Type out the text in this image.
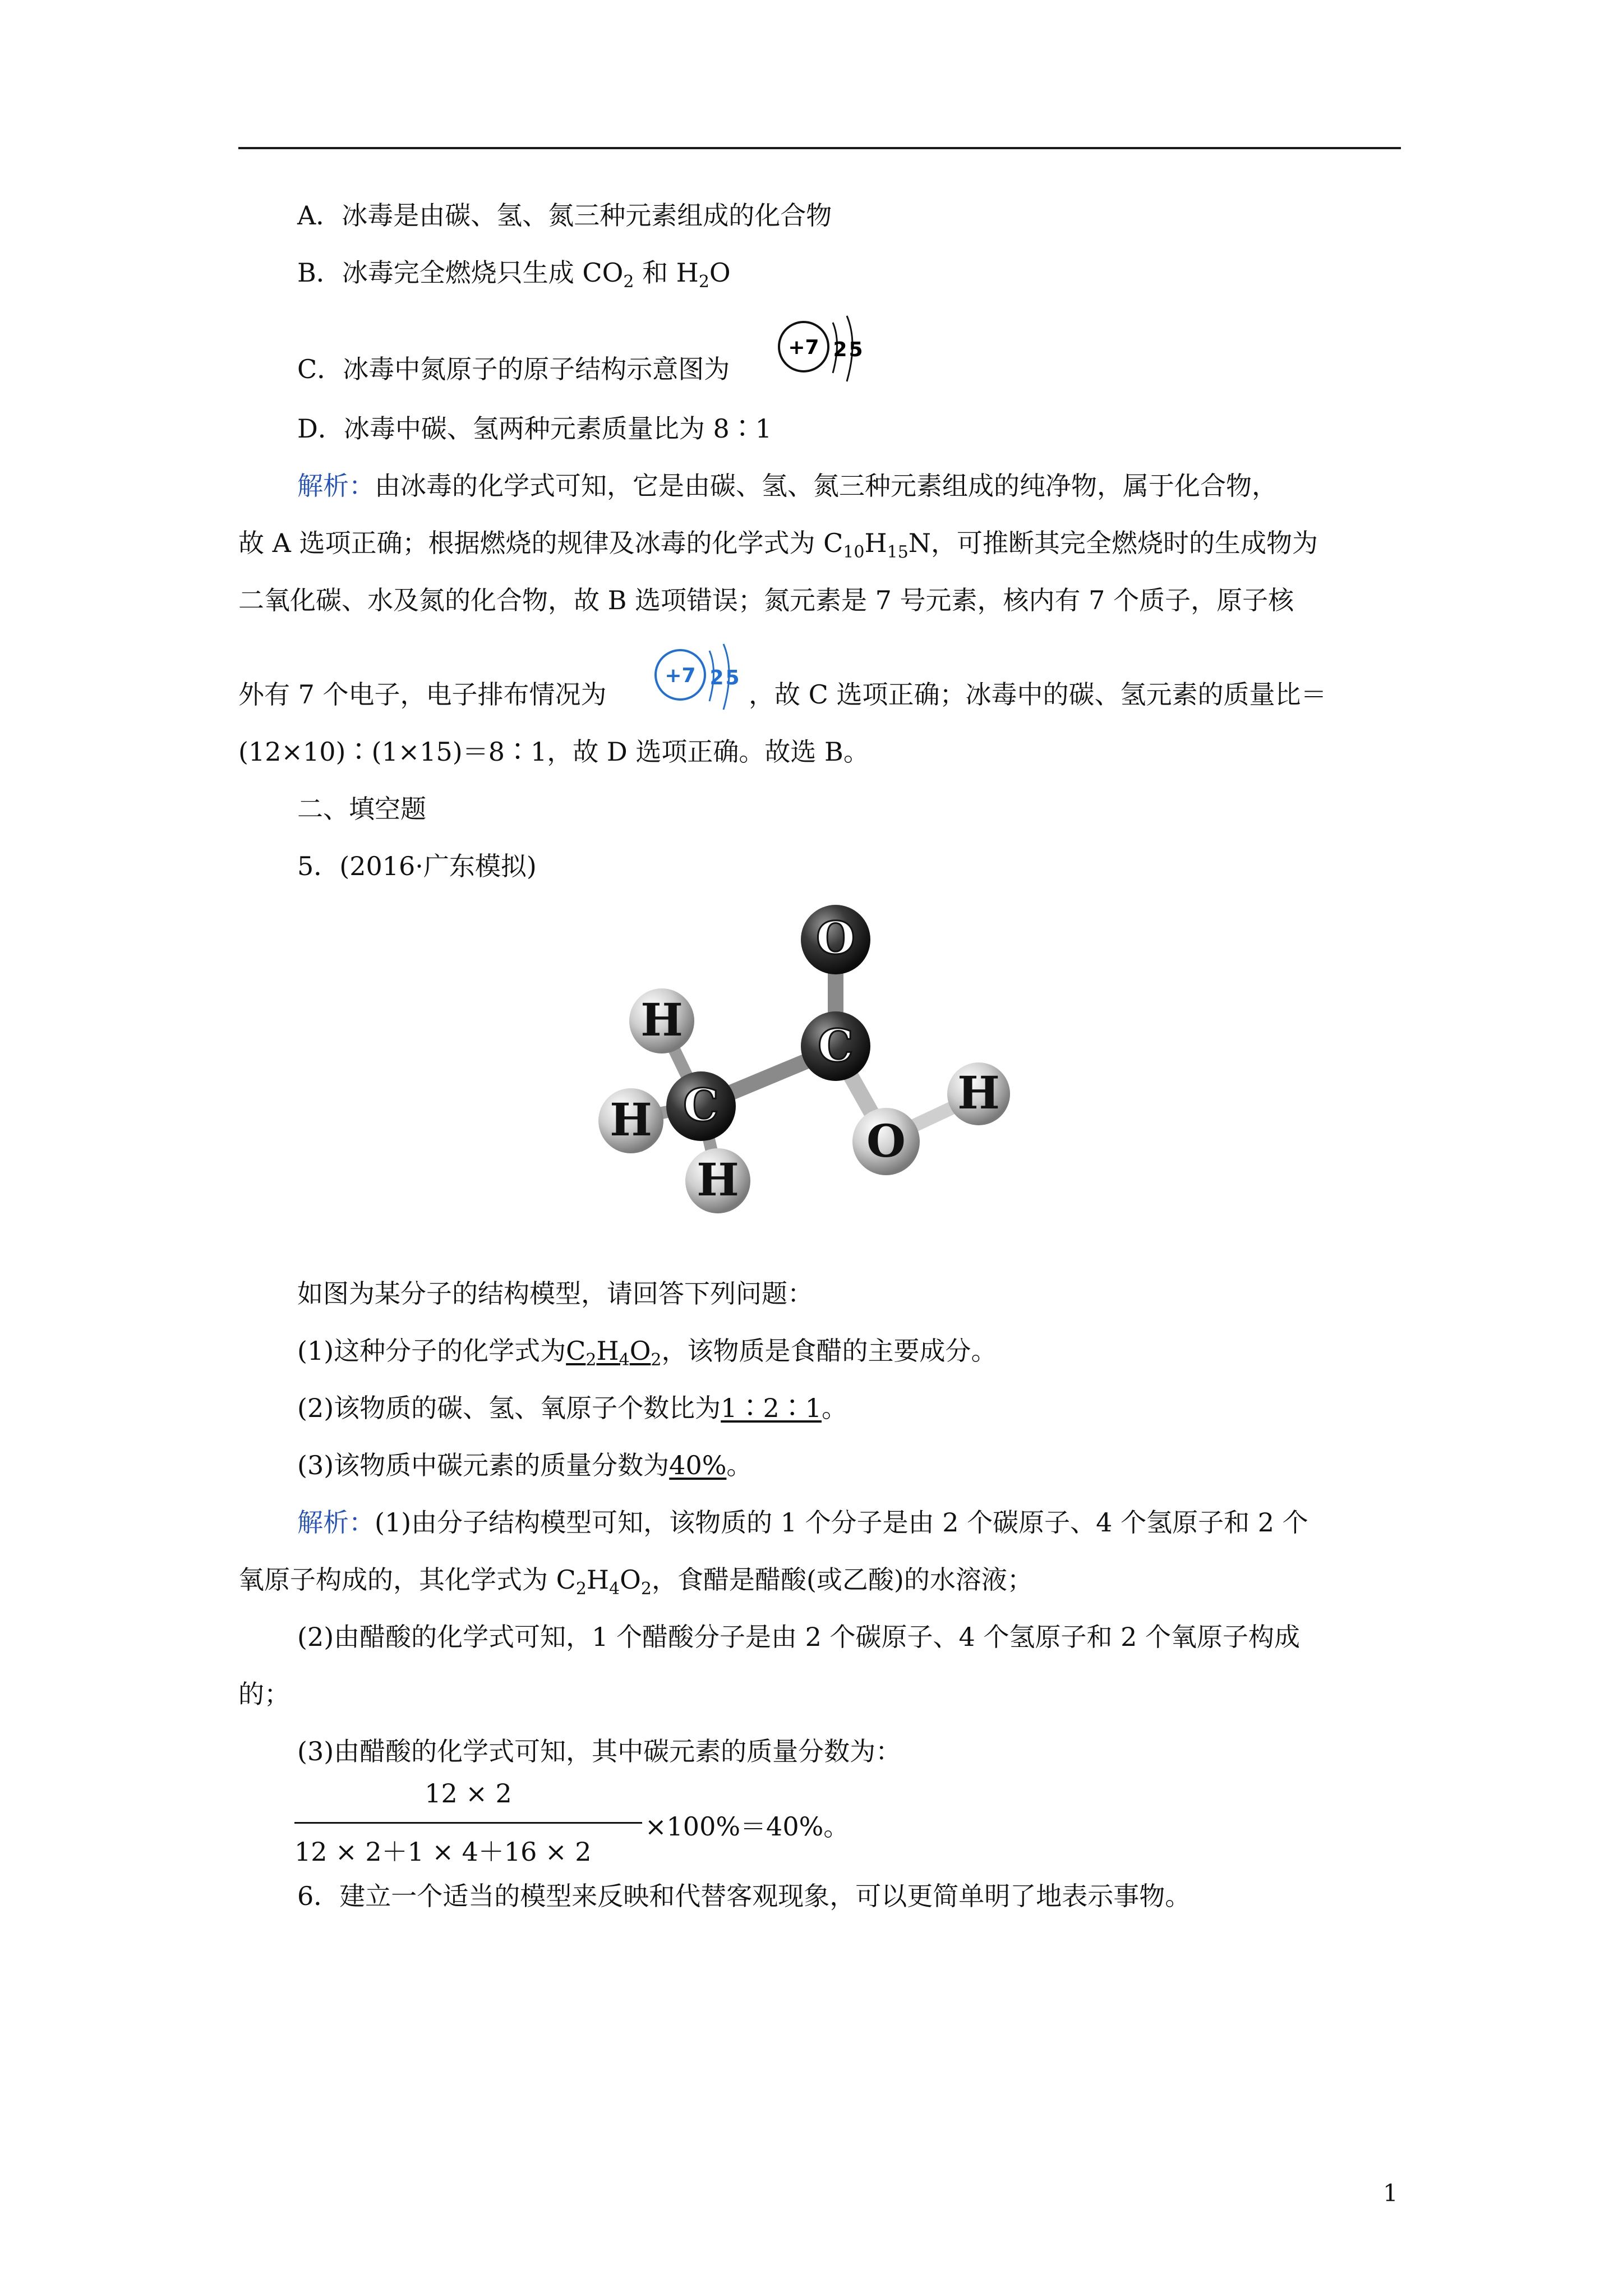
A．冰毒是由碳、氢、氮三种元素组成的化合物
B．冰毒完全燃烧只生成 $CO_2$ 和 $H_2O$
C．冰毒中氮原子的原子结构示意图为
+7 2 5
D．冰毒中碳、氢两种元素质量比为 8∶1
解析：由冰毒的化学式可知，它是由碳、氢、氮三种元素组成的纯净物，属于化合物，
故 A 选项正确；根据燃烧的规律及冰毒的化学式为 $C_{10}H_{15}N$，可推断其完全燃烧时的生成物为
二氧化碳、水及氮的化合物，故 B 选项错误；氮元素是 7 号元素，核内有 7 个质子，原子核
外有 7 个电子，电子排布情况为
+7 2 5
，故 C 选项正确；冰毒中的碳、氢元素的质量比＝
(12×10)∶(1×15)＝8∶1，故 D 选项正确。故选 B。
二、填空题
5．(2016·广东模拟)
O
C
H
H C
H
O
H
如图为某分子的结构模型，请回答下列问题：
(1)这种分子的化学式为$C_2H_4O_2$，该物质是食醋的主要成分。
(2)该物质的碳、氢、氧原子个数比为1∶2∶1。
(3)该物质中碳元素的质量分数为40%。
解析：(1)由分子结构模型可知，该物质的 1 个分子是由 2 个碳原子、4 个氢原子和 2 个
氧原子构成的，其化学式为 $C_2H_4O_2$，食醋是醋酸(或乙酸)的水溶液；
(2)由醋酸的化学式可知，1 个醋酸分子是由 2 个碳原子、4 个氢原子和 2 个氧原子构成
的；
(3)由醋酸的化学式可知，其中碳元素的质量分数为：
12 × 2
12 × 2＋1 × 4＋16 × 2
×100%＝40%。
6．建立一个适当的模型来反映和代替客观现象，可以更简单明了地表示事物。
1
